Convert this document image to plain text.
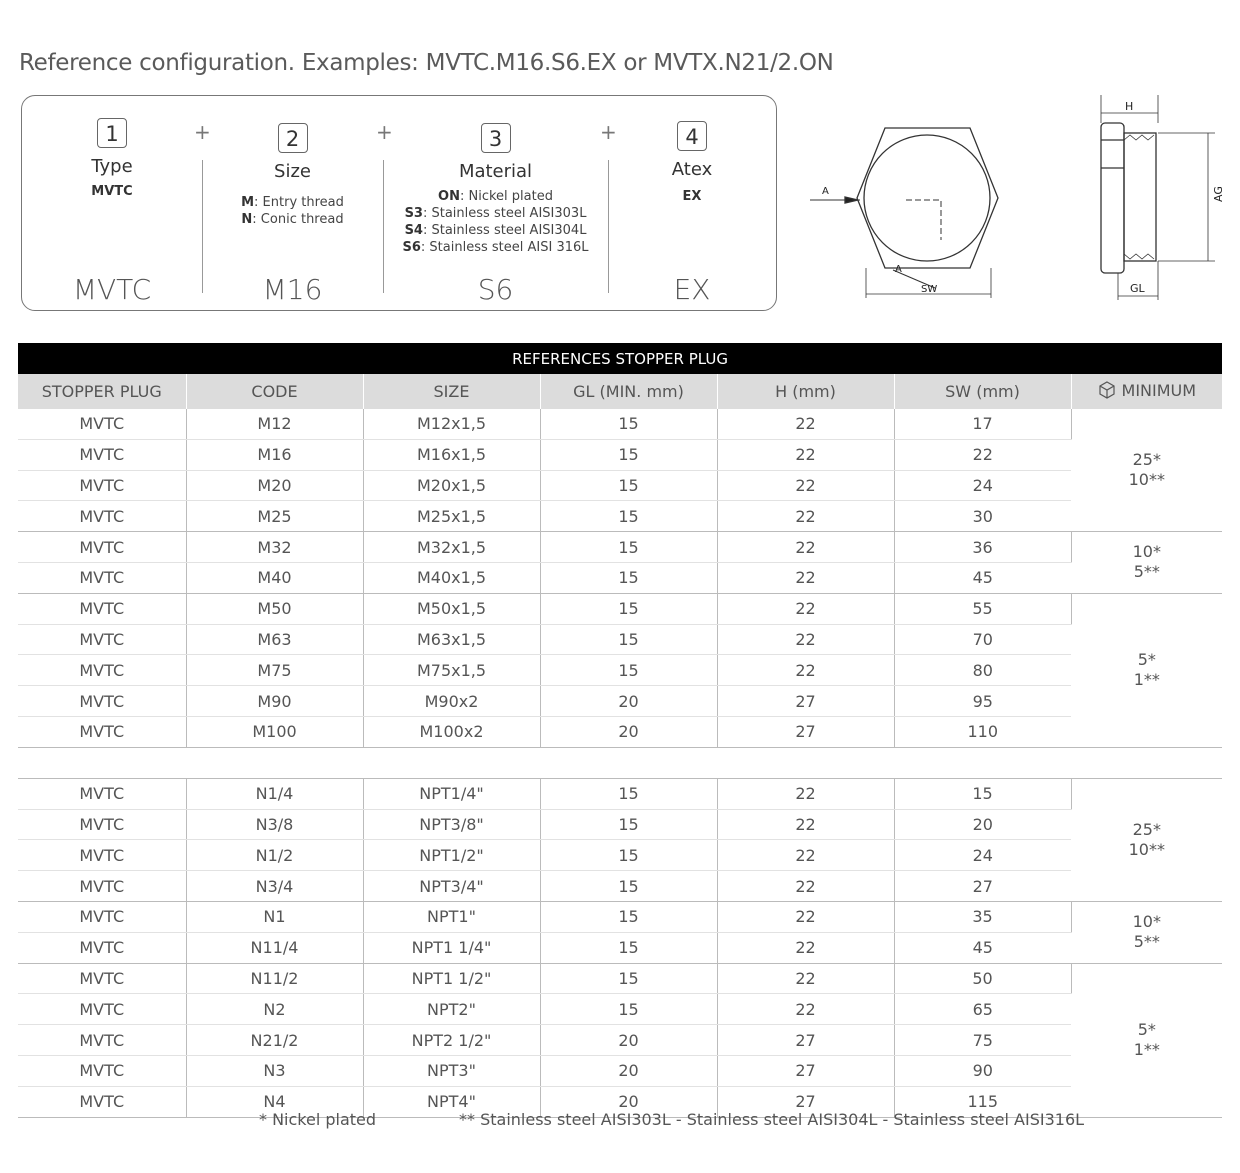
Reference configuration. Examples: MVTC.M16.S6.EX or MVTX.N21/2.ON
1
Type
MVTC
MVTC
+	2
Size
M: Entry thread
N: Conic thread
M16
+	3
Material
ON: Nickel plated
S3: Stainless steel AISI303L
S4: Stainless steel AISI304L
S6: Stainless steel AISI 316L
S6
+	4
Atex
EX
EX
A
A
SW
H
AG
GL
REFERENCES STOPPER PLUG						
STOPPER PLUG	CODE	SIZE	GL (MIN. mm)	H (mm)	SW (mm)	MINIMUM
MVTC	M12	M12x1,5	15	22	17	25*
10**

MVTC	M16	M16x1,5	15	22	22	
MVTC	M20	M20x1,5	15	22	24	
MVTC	M25	M25x1,5	15	22	30	
MVTC	M32	M32x1,5	15	22	36	10*
5**

MVTC	M40	M40x1,5	15	22	45	
MVTC	M50	M50x1,5	15	22	55	5*
1**

MVTC	M63	M63x1,5	15	22	70	
MVTC	M75	M75x1,5	15	22	80	
MVTC	M90	M90x2	20	27	95	
MVTC	M100	M100x2	20	27	110	

MVTC	N1/4	NPT1/4"	15	22	15	25*
10**

MVTC	N3/8	NPT3/8"	15	22	20	
MVTC	N1/2	NPT1/2"	15	22	24	
MVTC	N3/4	NPT3/4"	15	22	27	
MVTC	N1	NPT1"	15	22	35	10*
5**

MVTC	N11/4	NPT1 1/4"	15	22	45	
MVTC	N11/2	NPT1 1/2"	15	22	50	5*
1**

MVTC	N2	NPT2"	15	22	65	
MVTC	N21/2	NPT2 1/2"	20	27	75	
MVTC	N3	NPT3"	20	27	90	
MVTC	N4	NPT4"	20	27	115	
* Nickel plated	** Stainless steel AISI303L - Stainless steel AISI304L - Stainless steel AISI316L
